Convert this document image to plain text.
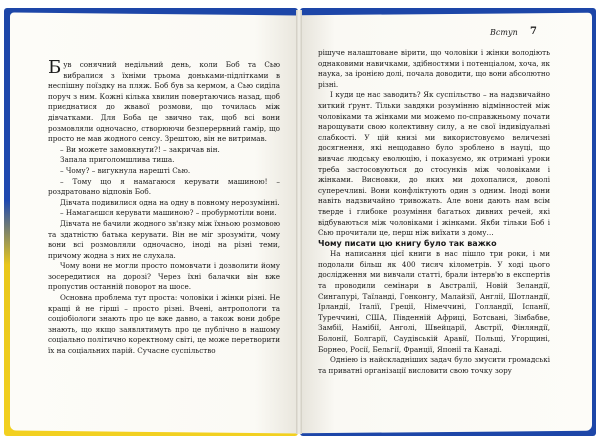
Вступ 7

Був сонячний недільний день, коли Боб та Сью вибралися з їхніми трьома доньками-підлітками в неспішну поїздку на пляж. Боб був за кермом, а Сью сиділа поруч з ним. Кожні кілька хвилин повертаючись назад, щоб приєднатися до жвавої розмови, що точилась між дівчатками. Для Боба це звично так, щоб всі вони розмовляли одночасно, створюючи безперервний гамір, що просто не мав жодного сенсу. Зрештою, він не витримав.

– Ви можете замовкнути?! – закричав він.

Запала приголомшлива тиша.

– Чому? – вигукнула нарешті Сью.

– Тому що я намагаюся керувати машиною! – роздратовано відповів Боб.

Дівчата подивилися одна на одну в повному нерозумінні.

– Намагаєшся керувати машиною? – пробурмотіли вони.

Дівчата не бачили жодного зв'язку між їхньою розмовою та здатністю батька керувати. Він не міг зрозуміти, чому вони всі розмовляли одночасно, іноді на різні теми, причому жодна з них не слухала.

Чому вони не могли просто помовчати і дозволити йому зосередитися на дорозі? Через їхні балачки він вже пропустив останній поворот на шосе.

Основна проблема тут проста: чоловіки і жінки різні. Не кращі й не гірші – просто різні. Вчені, антропологи та соціобіологи знають про це вже давно, а також вони добре знають, що якщо заявлятимуть про це публічно в нашому соціально політично коректному світі, це може перетворити їх на соціальних парій. Сучасне суспільство

рішуче налаштоване вірити, що чоловіки і жінки володіють однаковими навичками, здібностями і потенціалом, хоча, як наука, за іронією долі, почала доводити, що вони абсолютно різні.

І куди це нас заводить? Як суспільство – на надзвичайно хиткий ґрунт. Тільки завдяки розумінню відмінностей між чоловіками та жінками ми можемо по-справжньому почати нарощувати свою колективну силу, а не свої індивідуальні слабкості. У цій книзі ми використовуємо величезні досягнення, які нещодавно було зроблено в науці, що вивчає людську еволюцію, і показуємо, як отримані уроки треба застосовуються до стосунків між чоловіками і жінками. Висновки, до яких ми дохопалися, доволі суперечливі. Вони конфліктують один з одним. Іноді вони навіть надзвичайно тривожать. Але вони дають нам всім твердe і глибоке розуміння багатьох дивних речей, які відбуваються між чоловіками і жінками. Якби тільки Боб і Сью прочитали це, перш ніж виїхати з дому…

Чому писати цю книгу було так важко

На написання цієї книги в нас пішло три роки, і ми подолали більш як 400 тисяч кілометрів. У ході цього дослідження ми вивчали статті, брали інтерв'ю в експертів та проводили семінари в Австралії, Новій Зеландії, Сингапурі, Таїланді, Гонконгу, Малайзії, Англії, Шотландії, Ірландії, Італії, Греції, Німеччині, Голландії, Іспанії, Туреччині, США, Південній Африці, Ботсвані, Зімбабве, Замбії, Намібії, Анголі, Швейцарії, Австрії, Фінляндії, Болонії, Болгарії, Саудівській Аравії, Польщі, Угорщині, Борнео, Росії, Бельгії, Франції, Японії та Канаді.

Одніею із найскладніших задач було змусити громадські та приватні організації висловити свою точку зору
